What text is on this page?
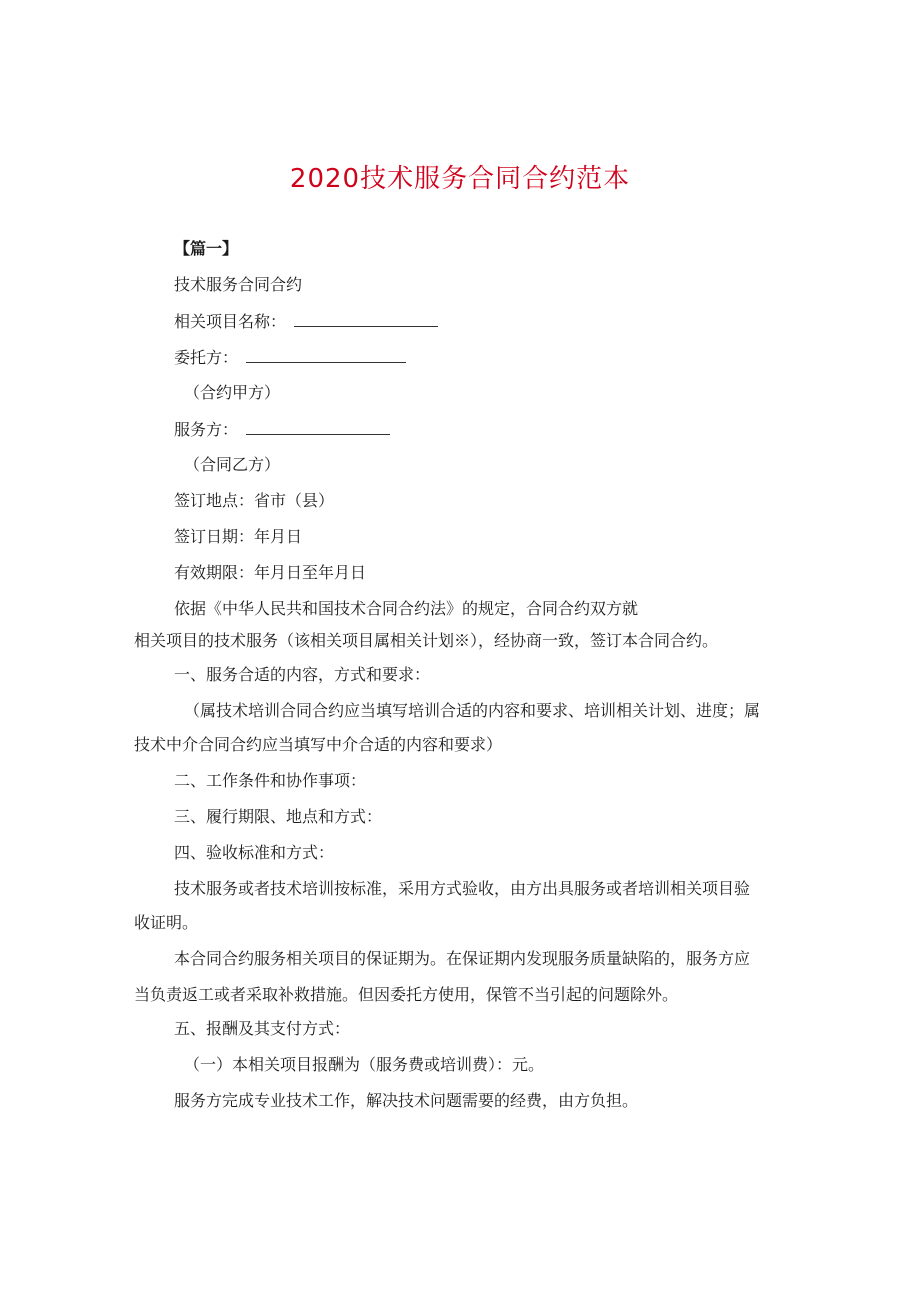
2020技术服务合同合约范本

【篇一】

技术服务合同合约

相关项目名称：

委托方：

（合约甲方）

服务方：

（合同乙方）

签订地点：省市（县）

签订日期：年月日

有效期限：年月日至年月日

依据《中华人民共和国技术合同合约法》的规定，合同合约双方就

相关项目的技术服务（该相关项目属相关计划※），经协商一致，签订本合同合约。

一、服务合适的内容，方式和要求：

（属技术培训合同合约应当填写培训合适的内容和要求、培训相关计划、进度；属

技术中介合同合约应当填写中介合适的内容和要求）

二、工作条件和协作事项：

三、履行期限、地点和方式：

四、验收标准和方式：

技术服务或者技术培训按标准，采用方式验收，由方出具服务或者培训相关项目验

收证明。

本合同合约服务相关项目的保证期为。在保证期内发现服务质量缺陷的，服务方应

当负责返工或者采取补救措施。但因委托方使用，保管不当引起的问题除外。

五、报酬及其支付方式：

（一）本相关项目报酬为（服务费或培训费）：元。

服务方完成专业技术工作，解决技术问题需要的经费，由方负担。
